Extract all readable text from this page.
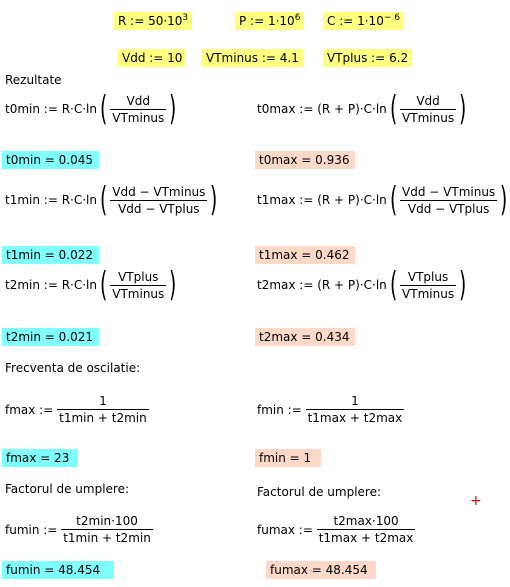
R := $50\cdot 10^3$	P := $1\cdot 10^6$	C := $1\cdot 10^{- 6}$
Vdd := 10	VTminus := 4.1	VTplus := 6.2
Rezultate
t0min := $R\cdot C\cdot\ln( \frac{\text{Vdd}}{\text{VTminus}}$ )	t0max := $(R + P)\cdot C\cdot\ln( \frac{\text{Vdd}}{\text{VTminus}}$ )
t0min = 0.045	t0max = 0.936
t1min := $R\cdot C\cdot\ln( \frac{\text{Vdd − VTminus}}{\text{Vdd − VTplus}}$ )	t1max := $(R + P)\cdot C\cdot\ln( \frac{\text{Vdd − VTminus}}{\text{Vdd − VTplus}}$ )
t1min = 0.022	t1max = 0.462
t2min := $R\cdot C\cdot\ln( \frac{\text{VTplus}}{\text{VTminus}}$ )	t2max := $(R + P)\cdot C\cdot\ln( \frac{\text{VTplus}}{\text{VTminus}}$ )
t2min = 0.021	t2max = 0.434
Frecventa de oscilatie:
fmax := $\frac{1}{t1\min + t2\min}$	fmin := $\frac{1}{t1\max + t2\max}$
fmax = 23	fmin = 1
Factorul de umplere:	Factorul de umplere:
+
fumin := $\frac{t2\min\cdot 100}{t1\min + t2\min}$	fumax := $\frac{t2\max\cdot 100}{t1\max + t2\max}$
fumin = 48.454	fumax = 48.454
